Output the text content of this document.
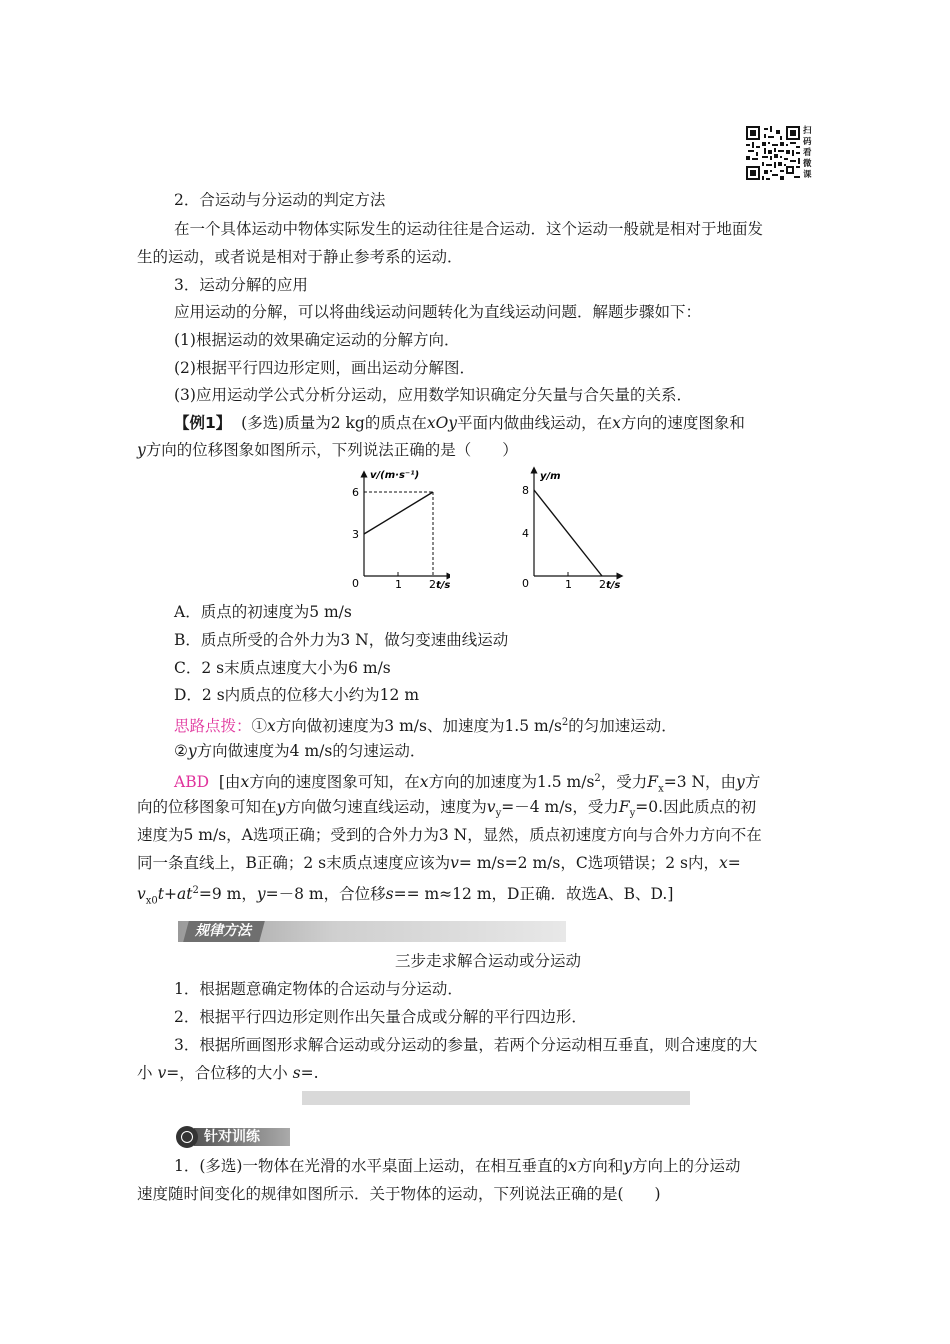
扫码看微课
2．合运动与分运动的判定方法
在一个具体运动中物体实际发生的运动往往是合运动．这个运动一般就是相对于地面发
生的运动，或者说是相对于静止参考系的运动．
3．运动分解的应用
应用运动的分解，可以将曲线运动问题转化为直线运动问题．解题步骤如下：
(1)根据运动的效果确定运动的分解方向．
(2)根据平行四边形定则，画出运动分解图．
(3)应用运动学公式分析分运动，应用数学知识确定分矢量与合矢量的关系．
【例1】 (多选)质量为2 kg的质点在xOy平面内做曲线运动，在x方向的速度图象和
y方向的位移图象如图所示，下列说法正确的是（　　）
v/(m·s⁻¹)
6
3
0	1 2 t/s
y/m
8
4
0	1 2 t/s
A．质点的初速度为5 m/s
B．质点所受的合外力为3 N，做匀变速曲线运动
C．2 s末质点速度大小为6 m/s
D．2 s内质点的位移大小约为12 m
思路点拨：①x方向做初速度为3 m/s、加速度为1.5 $m/s^2$的匀加速运动．
②y方向做速度为4 m/s的匀速运动．
ABD [由x方向的速度图象可知，在x方向的加速度为1.5 $m/s^2$，受力$F_x=3$ N，由y方
向的位移图象可知在y方向做匀速直线运动，速度为$v_y=-4$ m/s，受力$F_y=0$.因此质点的初
速度为5 m/s，A选项正确；受到的合外力为3 N，显然，质点初速度方向与合外力方向不在
同一条直线上，B正确；2 s末质点速度应该为v= m/s=2 m/s，C选项错误；2 s内，x=
$v_{x0}t+at^2=9$ m，y=－8 m，合位移s== m≈12 m，D正确．故选A、B、D.]
规律方法
三步走求解合运动或分运动
1．根据题意确定物体的合运动与分运动．
2．根据平行四边形定则作出矢量合成或分解的平行四边形．
3．根据所画图形求解合运动或分运动的参量，若两个分运动相互垂直，则合速度的大
小 v=，合位移的大小 s=.
针对训练
1．(多选)一物体在光滑的水平桌面上运动，在相互垂直的x方向和y方向上的分运动
速度随时间变化的规律如图所示．关于物体的运动，下列说法正确的是(　　)
